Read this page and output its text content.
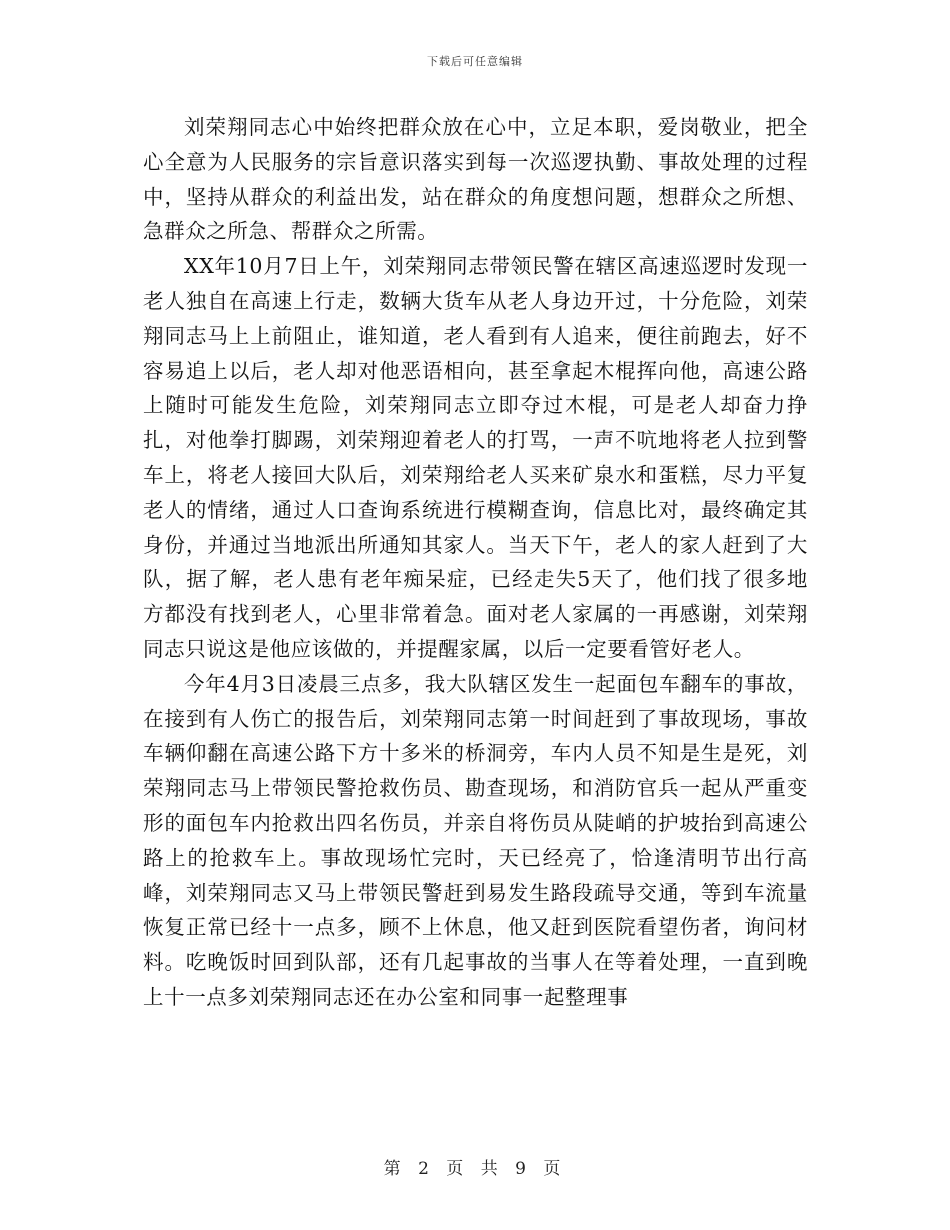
下载后可任意编辑

刘荣翔同志心中始终把群众放在心中，立足本职，爱岗敬业，把全心全意为人民服务的宗旨意识落实到每一次巡逻执勤、事故处理的过程中，坚持从群众的利益出发，站在群众的角度想问题，想群众之所想、急群众之所急、帮群众之所需。

XX年10月7日上午，刘荣翔同志带领民警在辖区高速巡逻时发现一老人独自在高速上行走，数辆大货车从老人身边开过，十分危险，刘荣翔同志马上上前阻止，谁知道，老人看到有人追来，便往前跑去，好不容易追上以后，老人却对他恶语相向，甚至拿起木棍挥向他，高速公路上随时可能发生危险，刘荣翔同志立即夺过木棍，可是老人却奋力挣扎，对他拳打脚踢，刘荣翔迎着老人的打骂，一声不吭地将老人拉到警车上，将老人接回大队后，刘荣翔给老人买来矿泉水和蛋糕，尽力平复老人的情绪，通过人口查询系统进行模糊查询，信息比对，最终确定其身份，并通过当地派出所通知其家人。当天下午，老人的家人赶到了大队，据了解，老人患有老年痴呆症，已经走失5天了，他们找了很多地方都没有找到老人，心里非常着急。面对老人家属的一再感谢，刘荣翔同志只说这是他应该做的，并提醒家属，以后一定要看管好老人。

今年4月3日凌晨三点多，我大队辖区发生一起面包车翻车的事故，在接到有人伤亡的报告后，刘荣翔同志第一时间赶到了事故现场，事故车辆仰翻在高速公路下方十多米的桥洞旁，车内人员不知是生是死，刘荣翔同志马上带领民警抢救伤员、勘查现场，和消防官兵一起从严重变形的面包车内抢救出四名伤员，并亲自将伤员从陡峭的护坡抬到高速公路上的抢救车上。事故现场忙完时，天已经亮了，恰逢清明节出行高峰，刘荣翔同志又马上带领民警赶到易发生路段疏导交通，等到车流量恢复正常已经十一点多，顾不上休息，他又赶到医院看望伤者，询问材料。吃晚饭时回到队部，还有几起事故的当事人在等着处理，一直到晚上十一点多刘荣翔同志还在办公室和同事一起整理事

第 2 页 共 9 页
